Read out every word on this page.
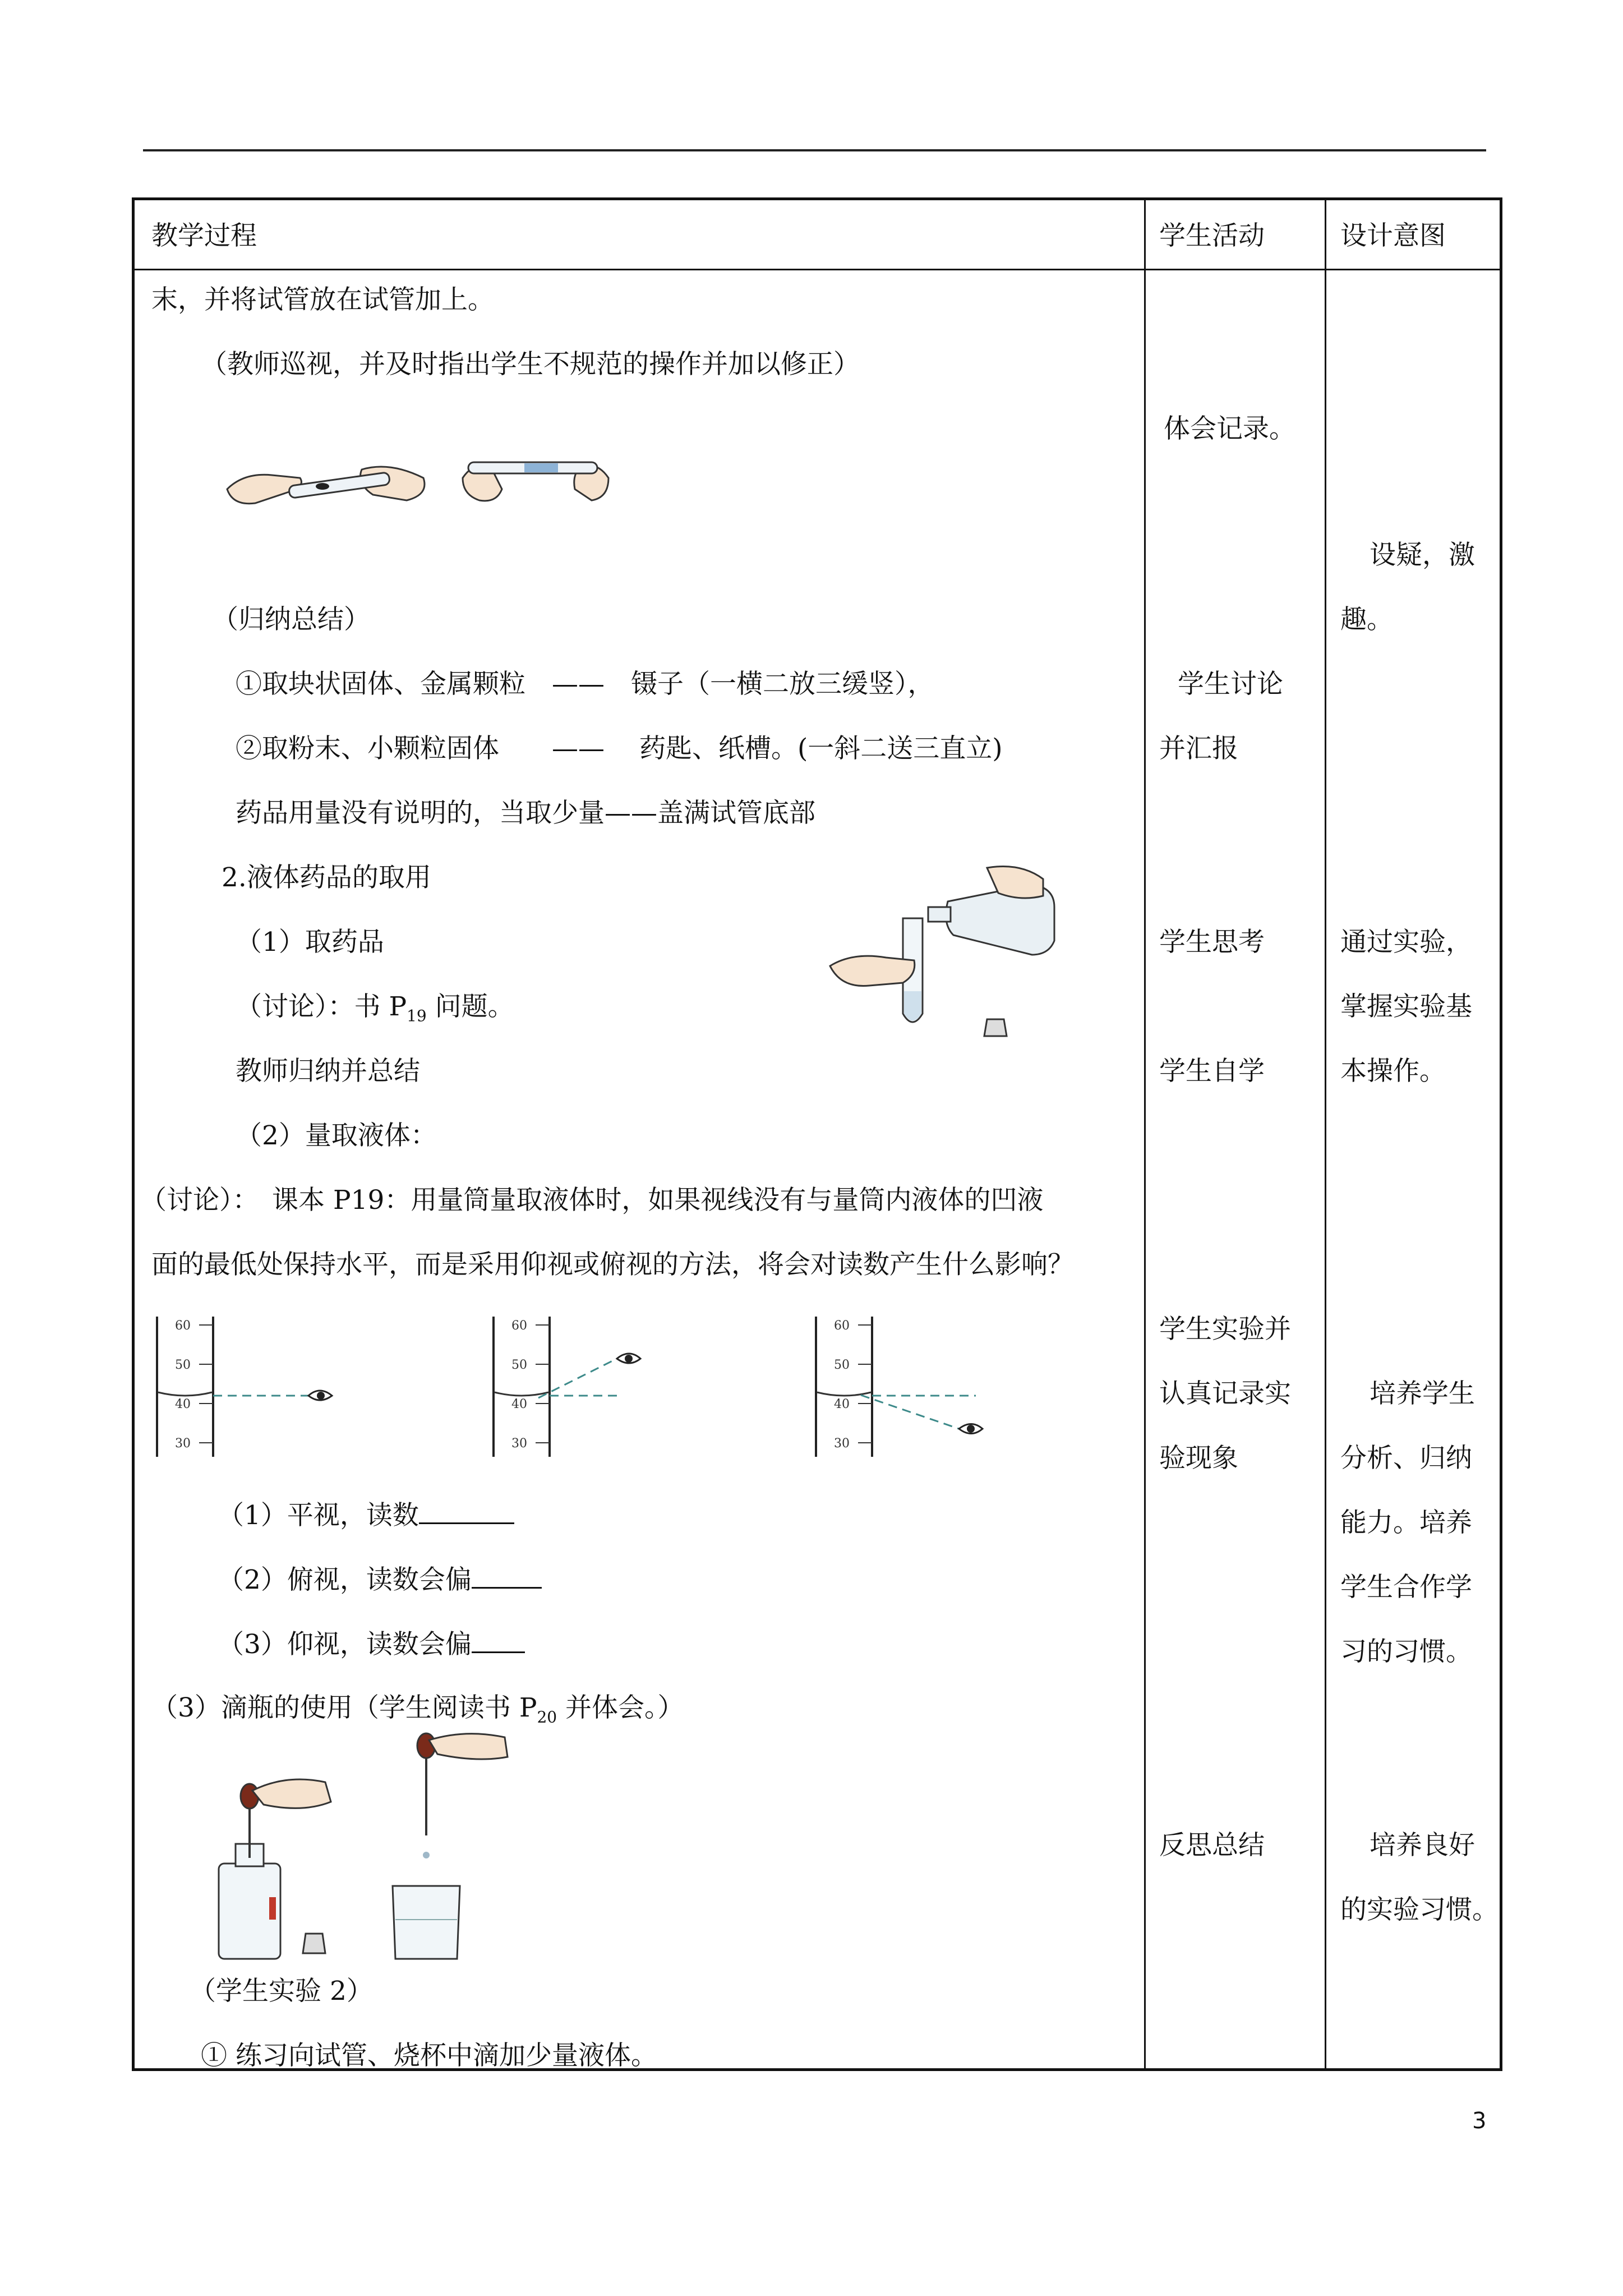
教学过程	学生活动	设计意图
末，并将试管放在试管加上。
（教师巡视，并及时指出学生不规范的操作并加以修正）
（归纳总结）
①取块状固体、金属颗粒　——　镊子（一横二放三缓竖），
②取粉末、小颗粒固体　　——　 药匙、纸槽。(一斜二送三直立)
药品用量没有说明的，当取少量——盖满试管底部
2.液体药品的取用
（1）取药品
（讨论）：书 $P_{19}$ 问题。
教师归纳并总结
（2）量取液体：
（讨论）：　课本 P19：用量筒量取液体时，如果视线没有与量筒内液体的凹液
面的最低处保持水平，而是采用仰视或俯视的方法，将会对读数产生什么影响？
60
50
40
30
60
50
40
30
60
50
40
30
（1）平视，读数
（2）俯视，读数会偏
（3）仰视，读数会偏
（3）滴瓶的使用（学生阅读书 $P_{20}$ 并体会。）
（学生实验 2）
① 练习向试管、烧杯中滴加少量液体。
体会记录。
学生讨论
并汇报
学生思考
学生自学
学生实验并
认真记录实
验现象
反思总结
设疑，激
趣。
通过实验，
掌握实验基
本操作。
培养学生
分析、归纳
能力。培养
学生合作学
习的习惯。
培养良好
的实验习惯。
3
